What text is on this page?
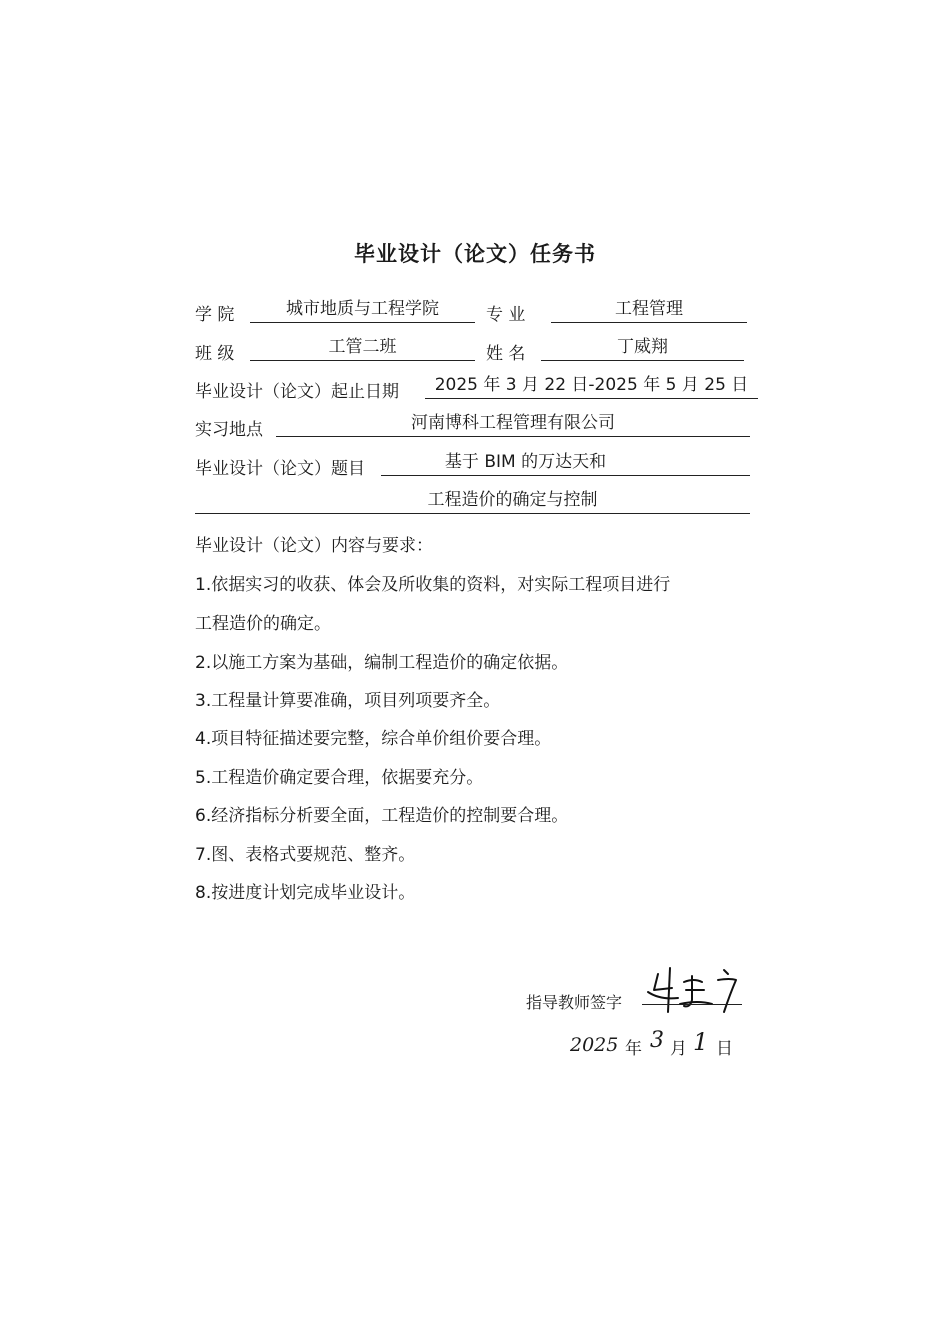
毕业设计（论文）任务书
学 院	城市地质与工程学院	专 业	工程管理
班 级	工管二班	姓 名	丁威翔
毕业设计（论文）起止日期	2025 年 3 月 22 日-2025 年 5 月 25 日
实习地点	河南博科工程管理有限公司
毕业设计（论文）题目	基于 BIM 的万达天和
工程造价的确定与控制
毕业设计（论文）内容与要求：
1.依据实习的收获、体会及所收集的资料，对实际工程项目进行
工程造价的确定。
2.以施工方案为基础，编制工程造价的确定依据。
3.工程量计算要准确，项目列项要齐全。
4.项目特征描述要完整，综合单价组价要合理。
5.工程造价确定要合理，依据要充分。
6.经济指标分析要全面，工程造价的控制要合理。
7.图、表格式要规范、整齐。
8.按进度计划完成毕业设计。
指导教师签字
2025 年 3 月 1 日
